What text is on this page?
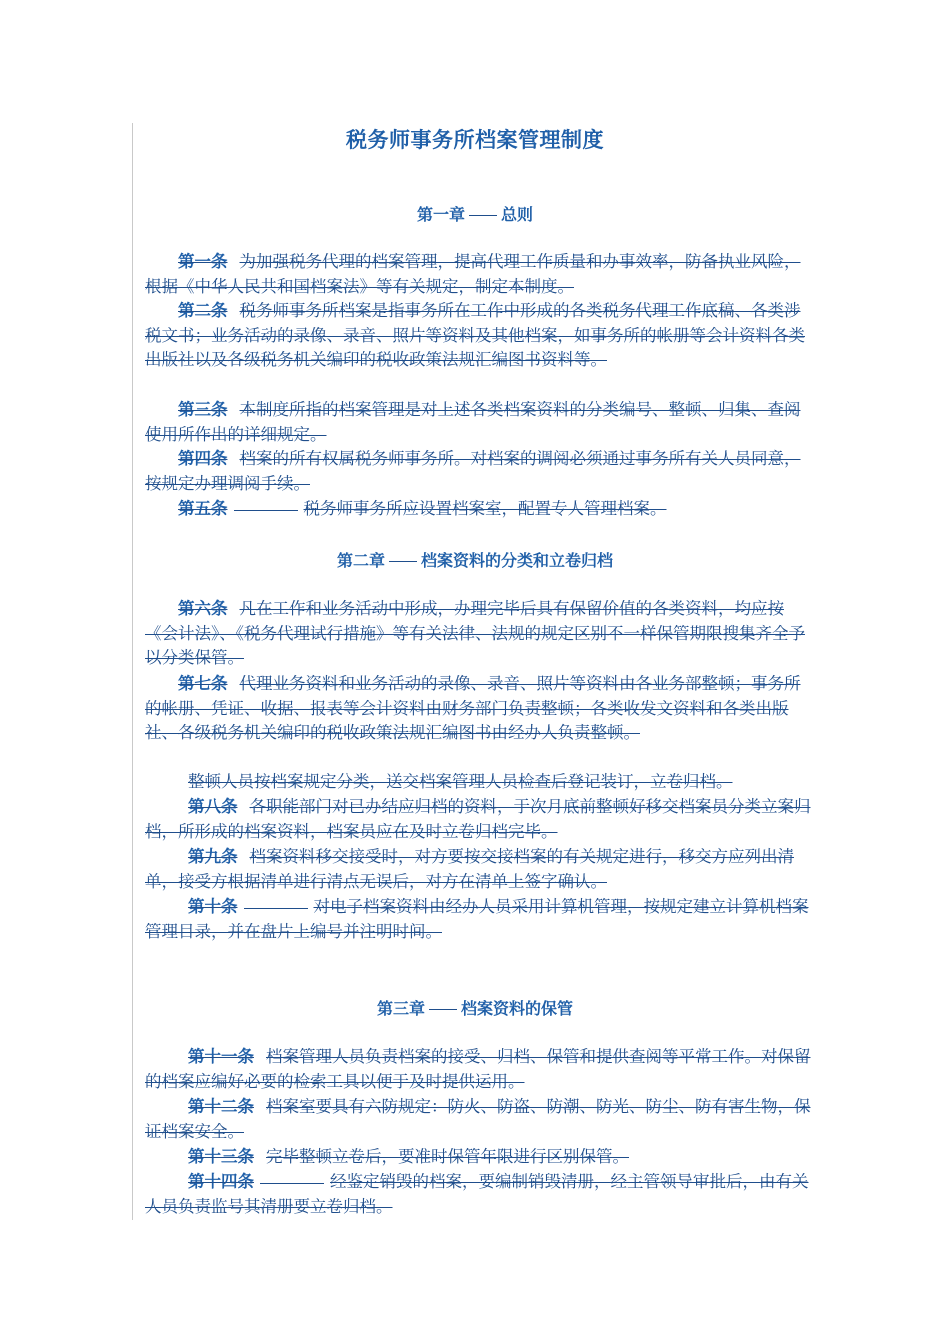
税务师事务所档案管理制度
第一章 总则

第一条 为加强税务代理的档案管理，提高代理工作质量和办事效率，防备执业风险，根据《中华人民共和国档案法》等有关规定，制定本制度。

第二条 税务师事务所档案是指事务所在工作中形成的各类税务代理工作底稿、各类涉税文书；业务活动的录像、录音、照片等资料及其他档案，如事务所的帐册等会计资料各类出版社以及各级税务机关编印的税收政策法规汇编图书资料等。

第三条 本制度所指的档案管理是对上述各类档案资料的分类编号、整顿、归集、查阅使用所作出的详细规定。

第四条 档案的所有权属税务师事务所。对档案的调阅必须通过事务所有关人员同意，按规定办理调阅手续。

第五条	税务师事务所应设置档案室，配置专人管理档案。

第二章 档案资料的分类和立卷归档

第六条 凡在工作和业务活动中形成，办理完毕后具有保留价值的各类资料，均应按《会计法》、《税务代理试行措施》等有关法律、法规的规定区别不一样保管期限搜集齐全予以分类保管。

第七条 代理业务资料和业务活动的录像、录音、照片等资料由各业务部整顿；事务所的帐册、凭证、收据、报表等会计资料由财务部门负责整顿；各类收发文资料和各类出版社、各级税务机关编印的税收政策法规汇编图书由经办人负责整顿。

整顿人员按档案规定分类，送交档案管理人员检查后登记装订，立卷归档。

第八条 各职能部门对已办结应归档的资料，于次月底前整顿好移交档案员分类立案归档，所形成的档案资料，档案员应在及时立卷归档完毕。

第九条 档案资料移交接受时，对方要按交接档案的有关规定进行，移交方应列出清单，接受方根据清单进行清点无误后，对方在清单上签字确认。

第十条	对电子档案资料由经办人员采用计算机管理，按规定建立计算机档案管理目录，并在盘片上编号并注明时间。

第三章 档案资料的保管

第十一条 档案管理人员负责档案的接受、归档、保管和提供查阅等平常工作。对保留的档案应编好必要的检索工具以便于及时提供运用。

第十二条 档案室要具有六防规定：防火、防盗、防潮、防光、防尘、防有害生物，保证档案安全。

第十三条 完毕整顿立卷后，要准时保管年限进行区别保管。

第十四条	经鉴定销毁的档案，要编制销毁清册，经主管领导审批后，由有关人员负责监号其清册要立卷归档。
